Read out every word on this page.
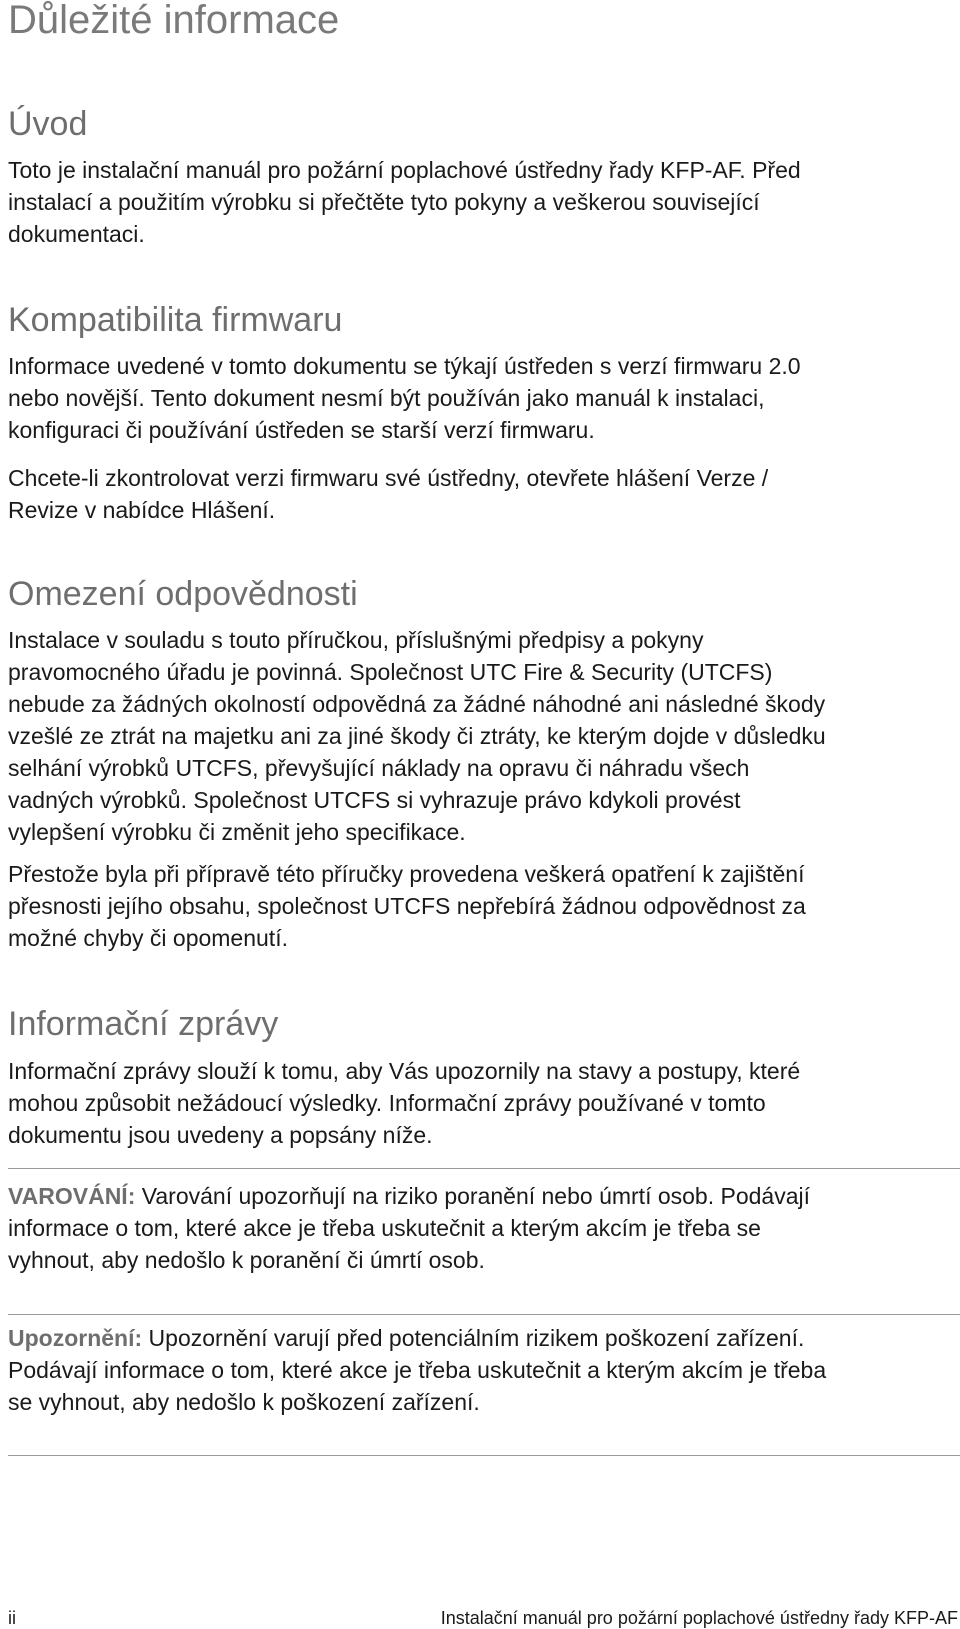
Důležité informace
Úvod

Toto je instalační manuál pro požární poplachové ústředny řady KFP-AF. Před
instalací a použitím výrobku si přečtěte tyto pokyny a veškerou související
dokumentaci.

Kompatibilita firmwaru

Informace uvedené v tomto dokumentu se týkají ústředen s verzí firmwaru 2.0
nebo novější. Tento dokument nesmí být používán jako manuál k instalaci,
konfiguraci či používání ústředen se starší verzí firmwaru.

Chcete-li zkontrolovat verzi firmwaru své ústředny, otevřete hlášení Verze /
Revize v nabídce Hlášení.

Omezení odpovědnosti

Instalace v souladu s touto příručkou, příslušnými předpisy a pokyny
pravomocného úřadu je povinná. Společnost UTC Fire & Security (UTCFS)
nebude za žádných okolností odpovědná za žádné náhodné ani následné škody
vzešlé ze ztrát na majetku ani za jiné škody či ztráty, ke kterým dojde v důsledku
selhání výrobků UTCFS, převyšující náklady na opravu či náhradu všech
vadných výrobků. Společnost UTCFS si vyhrazuje právo kdykoli provést
vylepšení výrobku či změnit jeho specifikace.

Přestože byla při přípravě této příručky provedena veškerá opatření k zajištění
přesnosti jejího obsahu, společnost UTCFS nepřebírá žádnou odpovědnost za
možné chyby či opomenutí.

Informační zprávy

Informační zprávy slouží k tomu, aby Vás upozornily na stavy a postupy, které
mohou způsobit nežádoucí výsledky. Informační zprávy používané v tomto
dokumentu jsou uvedeny a popsány níže.

VAROVÁNÍ: Varování upozorňují na riziko poranění nebo úmrtí osob. Podávají
informace o tom, které akce je třeba uskutečnit a kterým akcím je třeba se
vyhnout, aby nedošlo k poranění či úmrtí osob.

Upozornění: Upozornění varují před potenciálním rizikem poškození zařízení.
Podávají informace o tom, které akce je třeba uskutečnit a kterým akcím je třeba
se vyhnout, aby nedošlo k poškození zařízení.

ii	Instalační manuál pro požární poplachové ústředny řady KFP-AF
